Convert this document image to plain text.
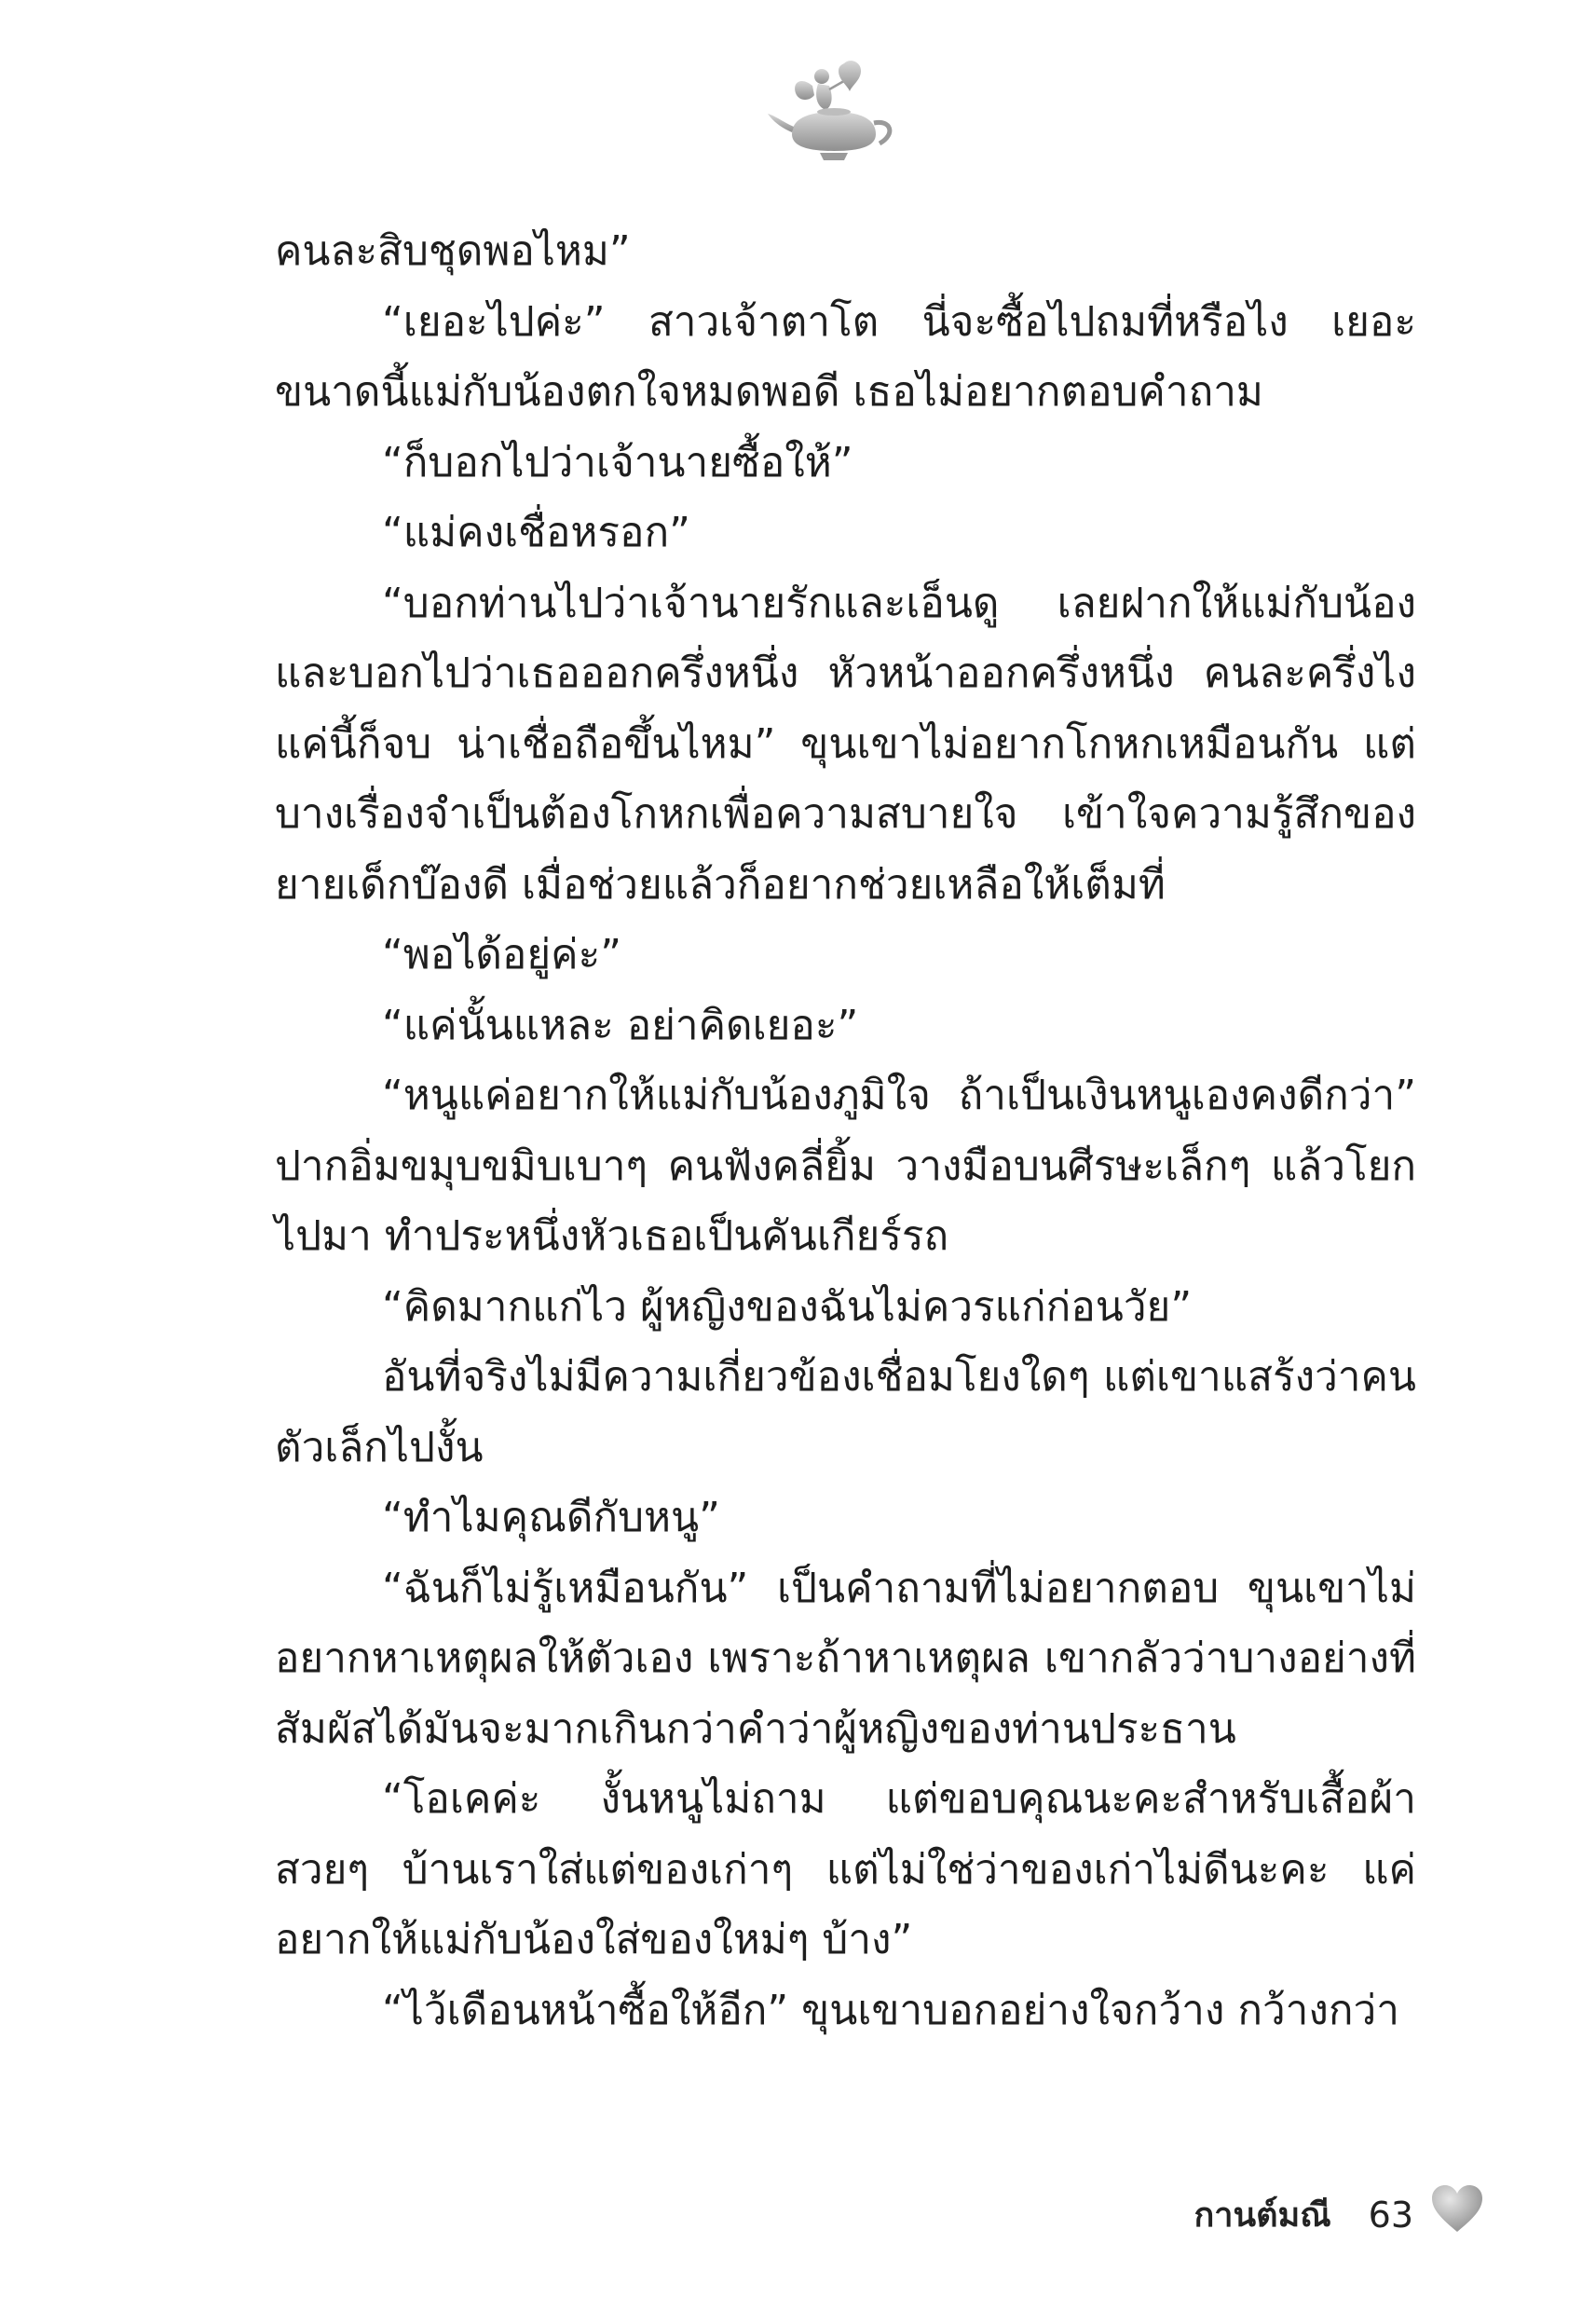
คนละสิบชุดพอไหม”

“เยอะไปค่ะ” สาวเจ้าตาโต นี่จะซื้อไปถมที่หรือไง เยอะขนาดนี้แม่กับน้องตกใจหมดพอดี เธอไม่อยากตอบคำถาม

“ก็บอกไปว่าเจ้านายซื้อให้”

“แม่คงเชื่อหรอก”

“บอกท่านไปว่าเจ้านายรักและเอ็นดู เลยฝากให้แม่กับน้อง และบอกไปว่าเธอออกครึ่งหนึ่ง หัวหน้าออกครึ่งหนึ่ง คนละครึ่งไง แค่นี้ก็จบ น่าเชื่อถือขึ้นไหม” ขุนเขาไม่อยากโกหกเหมือนกัน แต่บางเรื่องจำเป็นต้องโกหกเพื่อความสบายใจ เข้าใจความรู้สึกของยายเด็กบ๊องดี เมื่อช่วยแล้วก็อยากช่วยเหลือให้เต็มที่

“พอได้อยู่ค่ะ”

“แค่นั้นแหละ อย่าคิดเยอะ”

“หนูแค่อยากให้แม่กับน้องภูมิใจ ถ้าเป็นเงินหนูเองคงดีกว่า” ปากอิ่มขมุบขมิบเบาๆ คนฟังคลี่ยิ้ม วางมือบนศีรษะเล็กๆ แล้วโยกไปมา ทำประหนึ่งหัวเธอเป็นคันเกียร์รถ

“คิดมากแก่ไว ผู้หญิงของฉันไม่ควรแก่ก่อนวัย”

อันที่จริงไม่มีความเกี่ยวข้องเชื่อมโยงใดๆ แต่เขาแสร้งว่าคนตัวเล็กไปงั้น

“ทำไมคุณดีกับหนู”

“ฉันก็ไม่รู้เหมือนกัน” เป็นคำถามที่ไม่อยากตอบ ขุนเขาไม่อยากหาเหตุผลให้ตัวเอง เพราะถ้าหาเหตุผล เขากลัวว่าบางอย่างที่สัมผัสได้มันจะมากเกินกว่าคำว่าผู้หญิงของท่านประธาน

“โอเคค่ะ งั้นหนูไม่ถาม แต่ขอบคุณนะคะสำหรับเสื้อผ้าสวยๆ บ้านเราใส่แต่ของเก่าๆ แต่ไม่ใช่ว่าของเก่าไม่ดีนะคะ แค่อยากให้แม่กับน้องใส่ของใหม่ๆ บ้าง”

“ไว้เดือนหน้าซื้อให้อีก” ขุนเขาบอกอย่างใจกว้าง กว้างกว่า

กานต์มณี 63
